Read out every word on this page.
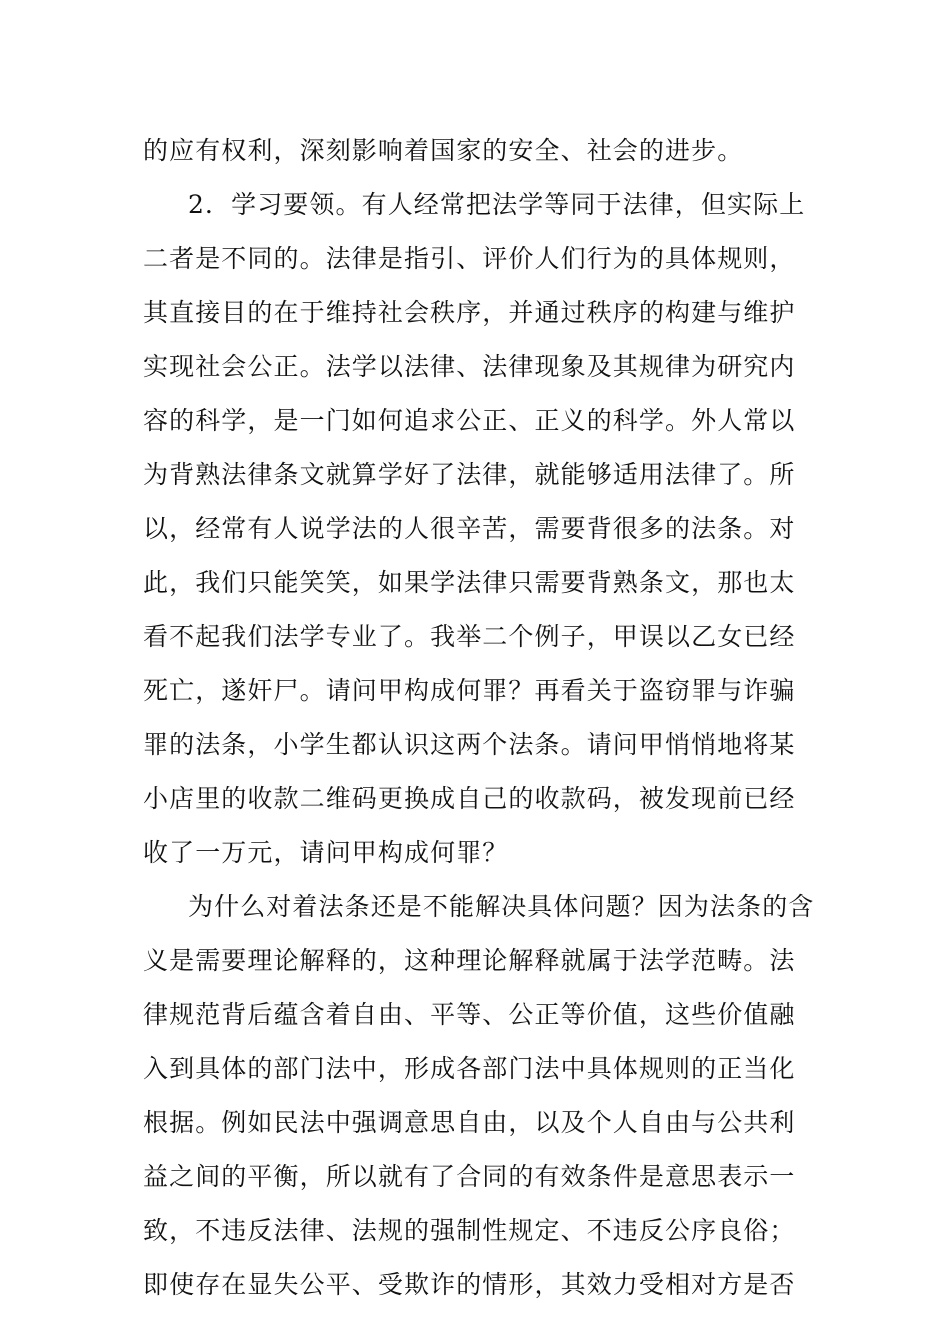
的应有权利，深刻影响着国家的安全、社会的进步。
2．学习要领。有人经常把法学等同于法律，但实际上
二者是不同的。法律是指引、评价人们行为的具体规则，
其直接目的在于维持社会秩序，并通过秩序的构建与维护
实现社会公正。法学以法律、法律现象及其规律为研究内
容的科学，是一门如何追求公正、正义的科学。外人常以
为背熟法律条文就算学好了法律，就能够适用法律了。所
以，经常有人说学法的人很辛苦，需要背很多的法条。对
此，我们只能笑笑，如果学法律只需要背熟条文，那也太
看不起我们法学专业了。我举二个例子，甲误以乙女已经
死亡，遂奸尸。请问甲构成何罪？再看关于盗窃罪与诈骗
罪的法条，小学生都认识这两个法条。请问甲悄悄地将某
小店里的收款二维码更换成自己的收款码，被发现前已经
收了一万元，请问甲构成何罪？
为什么对着法条还是不能解决具体问题？因为法条的含
义是需要理论解释的，这种理论解释就属于法学范畴。法
律规范背后蕴含着自由、平等、公正等价值，这些价值融
入到具体的部门法中，形成各部门法中具体规则的正当化
根据。例如民法中强调意思自由，以及个人自由与公共利
益之间的平衡，所以就有了合同的有效条件是意思表示一
致，不违反法律、法规的强制性规定、不违反公序良俗；
即使存在显失公平、受欺诈的情形，其效力受相对方是否
